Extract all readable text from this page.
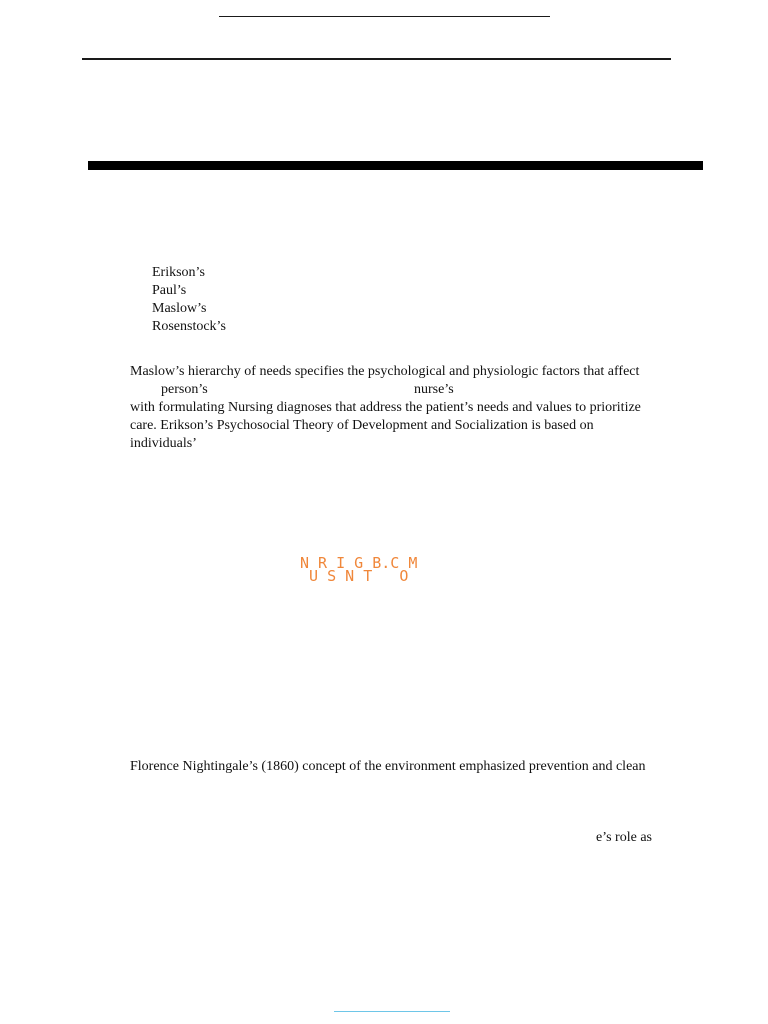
Erikson’s
Paul’s
Maslow’s
Rosenstock’s
Maslow’s hierarchy of needs specifies the psychological and physiologic factors that affect
person’s	nurse’s
with formulating Nursing diagnoses that address the patient’s needs and values to prioritize
care. Erikson’s Psychosocial Theory of Development and Socialization is based on
individuals’
N R I G B.C M
U S N T   O
Florence Nightingale’s (1860) concept of the environment emphasized prevention and clean
e’s role as
